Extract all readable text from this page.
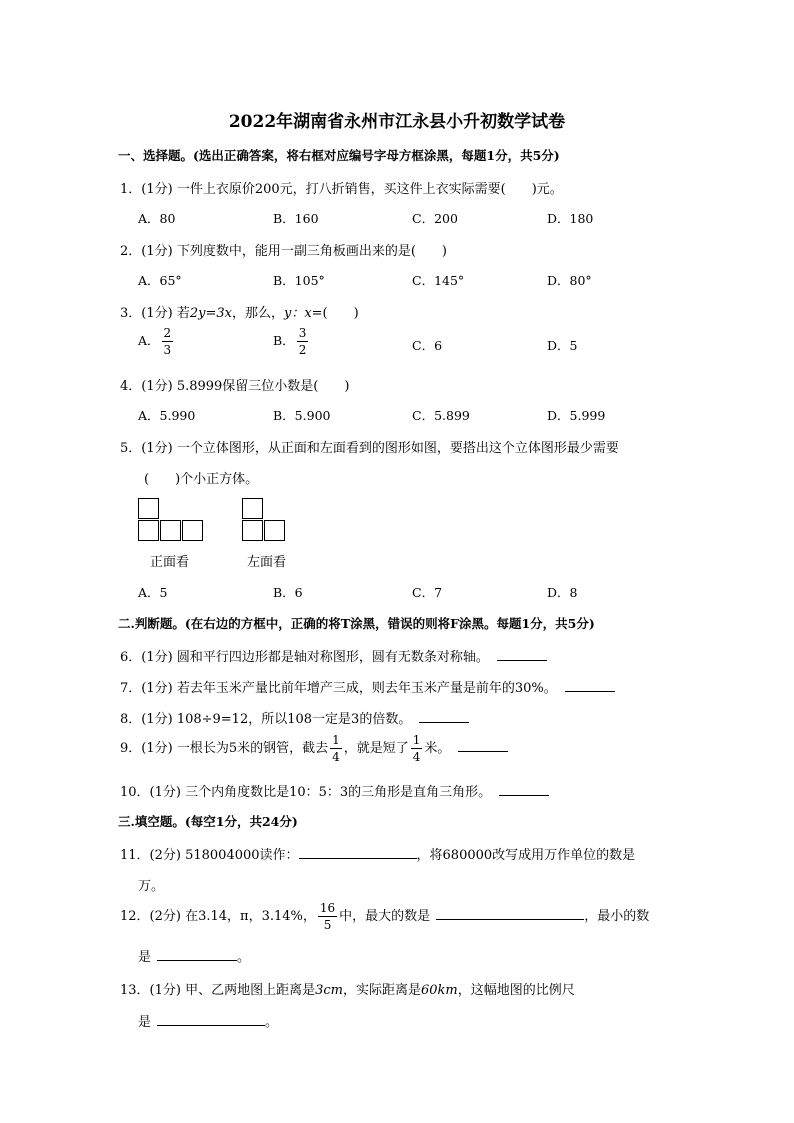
2022年湖南省永州市江永县小升初数学试卷
一、选择题。(选出正确答案，将右框对应编号字母方框涂黑，每题1分，共5分)
1．(1分) 一件上衣原价200元，打八折销售，买这件上衣实际需要(　　)元。
A．80	B．160	C．200	D．180
2．(1分) 下列度数中，能用一副三角板画出来的是(　　)
A．65°	B．105°	C．145°	D．80°
3．(1分) 若2y=3x，那么，y：x=(　　)
A． $\frac{2}{3}$	B． $\frac{3}{2}$	C．6	D．5
4．(1分) 5.8999保留三位小数是(　　)
A．5.990	B．5.900	C．5.899	D．5.999
5．(1分) 一个立体图形，从正面和左面看到的图形如图，要搭出这个立体图形最少需要
(　　)个小正方体。
正面看	左面看
A．5	B．6	C．7	D．8
二.判断题。(在右边的方框中，正确的将T涂黑，错误的则将F涂黑。每题1分，共5分)
6．(1分) 圆和平行四边形都是轴对称图形，圆有无数条对称轴。
7．(1分) 若去年玉米产量比前年增产三成，则去年玉米产量是前年的30%。
8．(1分) 108÷9=12，所以108一定是3的倍数。
9．(1分) 一根长为5米的钢管，截去 $\frac{1}{4}$ ，就是短了 $\frac{1}{4}$ 米。
10．(1分) 三个内角度数比是10：5：3的三角形是直角三角形。
三.填空题。(每空1分，共24分)
11．(2分) 518004000读作：	，将680000改写成用万作单位的数是
万。
12．(2分) 在3.14，π，3.14%， $\frac{16}{5}$ 中，最大的数是	，最小的数
是	。
13．(1分) 甲、乙两地图上距离是3cm，实际距离是60km，这幅地图的比例尺
是	。
